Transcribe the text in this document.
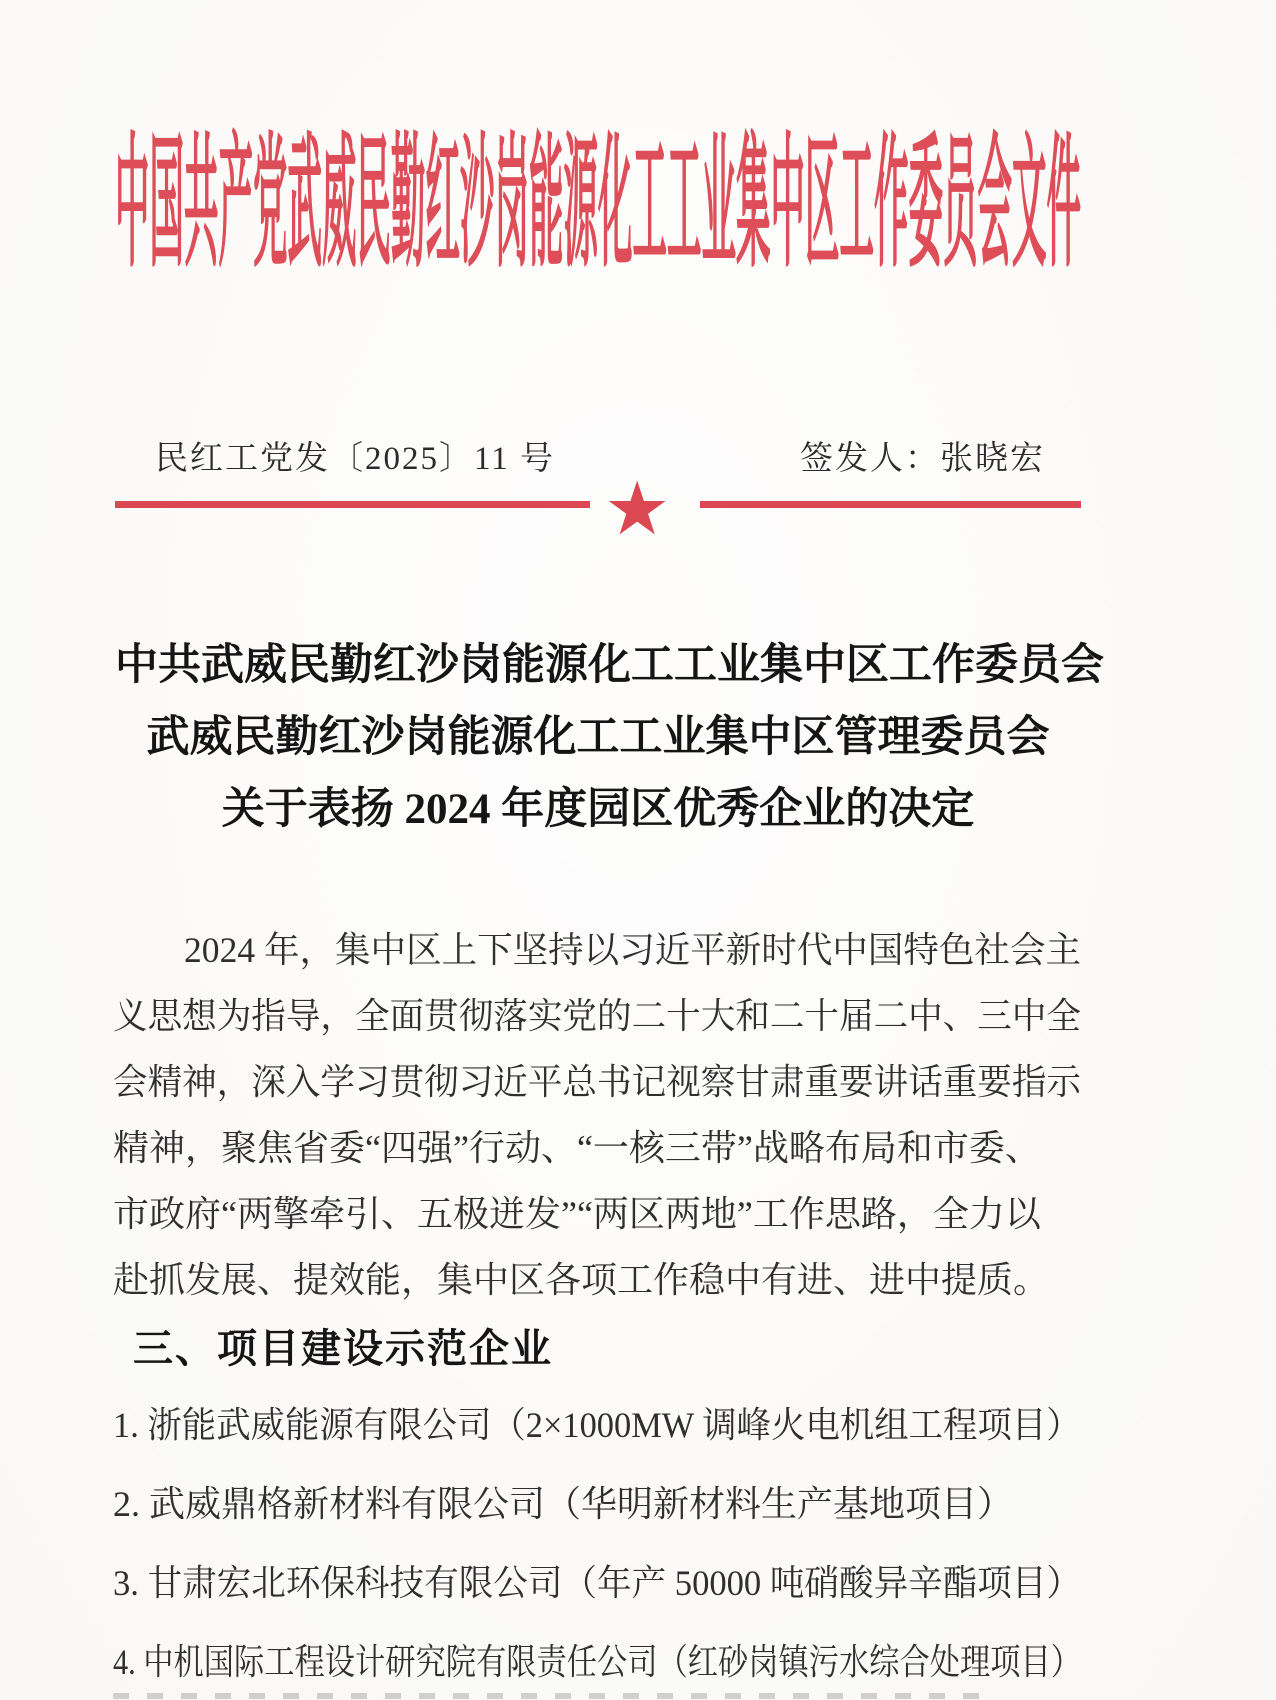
中国共产党武威民勤红沙岗能源化工工业集中区工作委员会文件
民红工党发〔2025〕11 号	签发人：张晓宏
★
中共武威民勤红沙岗能源化工工业集中区工作委员会
武威民勤红沙岗能源化工工业集中区管理委员会
关于表扬 2024 年度园区优秀企业的决定
2024 年，集中区上下坚持以习近平新时代中国特色社会主
义思想为指导，全面贯彻落实党的二十大和二十届二中、三中全
会精神，深入学习贯彻习近平总书记视察甘肃重要讲话重要指示
精神，聚焦省委“四强”行动、“一核三带”战略布局和市委、
市政府“两擎牵引、五极迸发”“两区两地”工作思路，全力以
赴抓发展、提效能，集中区各项工作稳中有进、进中提质。
三、项目建设示范企业
1. 浙能武威能源有限公司（2×1000MW 调峰火电机组工程项目）
2. 武威鼎格新材料有限公司（华明新材料生产基地项目）
3. 甘肃宏北环保科技有限公司（年产 50000 吨硝酸异辛酯项目）
4. 中机国际工程设计研究院有限责任公司（红砂岗镇污水综合处理项目）
